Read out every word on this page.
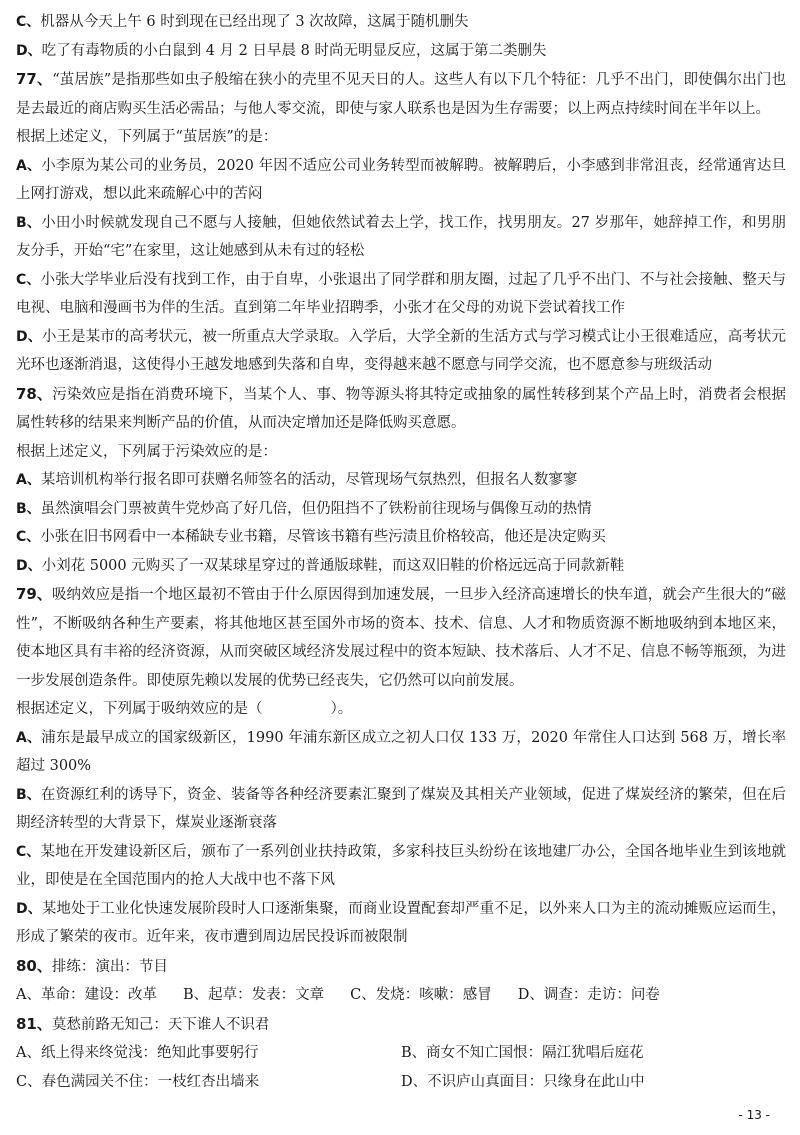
C、机器从今天上午 6 时到现在已经出现了 3 次故障，这属于随机删失

D、吃了有毒物质的小白鼠到 4 月 2 日早晨 8 时尚无明显反应，这属于第二类删失

77、“茧居族”是指那些如虫子般缩在狭小的壳里不见天日的人。这些人有以下几个特征：几乎不出门，即使偶尔出门也是去最近的商店购买生活必需品；与他人零交流，即使与家人联系也是因为生存需要；以上两点持续时间在半年以上。

根据上述定义，下列属于“茧居族”的是：

A、小李原为某公司的业务员，2020 年因不适应公司业务转型而被解聘。被解聘后，小李感到非常沮丧，经常通宵达旦上网打游戏，想以此来疏解心中的苦闷

B、小田小时候就发现自己不愿与人接触，但她依然试着去上学，找工作，找男朋友。27 岁那年，她辞掉工作，和男朋友分手，开始“宅”在家里，这让她感到从未有过的轻松

C、小张大学毕业后没有找到工作，由于自卑，小张退出了同学群和朋友圈，过起了几乎不出门、不与社会接触、整天与电视、电脑和漫画书为伴的生活。直到第二年毕业招聘季，小张才在父母的劝说下尝试着找工作

D、小王是某市的高考状元，被一所重点大学录取。入学后，大学全新的生活方式与学习模式让小王很难适应，高考状元光环也逐渐消退，这使得小王越发地感到失落和自卑，变得越来越不愿意与同学交流，也不愿意参与班级活动

78、污染效应是指在消费环境下，当某个人、事、物等源头将其特定或抽象的属性转移到某个产品上时，消费者会根据属性转移的结果来判断产品的价值，从而决定增加还是降低购买意愿。

根据上述定义，下列属于污染效应的是：

A、某培训机构举行报名即可获赠名师签名的活动，尽管现场气氛热烈，但报名人数寥寥

B、虽然演唱会门票被黄牛党炒高了好几倍，但仍阻挡不了铁粉前往现场与偶像互动的热情

C、小张在旧书网看中一本稀缺专业书籍，尽管该书籍有些污渍且价格较高，他还是决定购买

D、小刘花 5000 元购买了一双某球星穿过的普通版球鞋，而这双旧鞋的价格远远高于同款新鞋

79、吸纳效应是指一个地区最初不管由于什么原因得到加速发展，一旦步入经济高速增长的快车道，就会产生很大的“磁性”，不断吸纳各种生产要素，将其他地区甚至国外市场的资本、技术、信息、人才和物质资源不断地吸纳到本地区来，使本地区具有丰裕的经济资源，从而突破区域经济发展过程中的资本短缺、技术落后、人才不足、信息不畅等瓶颈，为进一步发展创造条件。即使原先赖以发展的优势已经丧失，它仍然可以向前发展。

根据述定义，下列属于吸纳效应的是（	）。

A、浦东是最早成立的国家级新区，1990 年浦东新区成立之初人口仅 133 万，2020 年常住人口达到 568 万，增长率超过 300%

B、在资源红利的诱导下，资金、装备等各种经济要素汇聚到了煤炭及其相关产业领域，促进了煤炭经济的繁荣，但在后期经济转型的大背景下，煤炭业逐渐衰落

C、某地在开发建设新区后，颁布了一系列创业扶持政策，多家科技巨头纷纷在该地建厂办公，全国各地毕业生到该地就业，即使是在全国范围内的抢人大战中也不落下风

D、某地处于工业化快速发展阶段时人口逐渐集聚，而商业设置配套却严重不足，以外来人口为主的流动摊贩应运而生，形成了繁荣的夜市。近年来，夜市遭到周边居民投诉而被限制

80、排练：演出：节目

A、革命：建设：改革 B、起草：发表：文章 C、发烧：咳嗽：感冒 D、调查：走访：问卷

81、莫愁前路无知己：天下谁人不识君

A、纸上得来终觉浅：绝知此事要躬行	B、商女不知亡国恨：隔江犹唱后庭花
C、春色满园关不住：一枝红杏出墙来	D、不识庐山真面目：只缘身在此山中
- 13 -
